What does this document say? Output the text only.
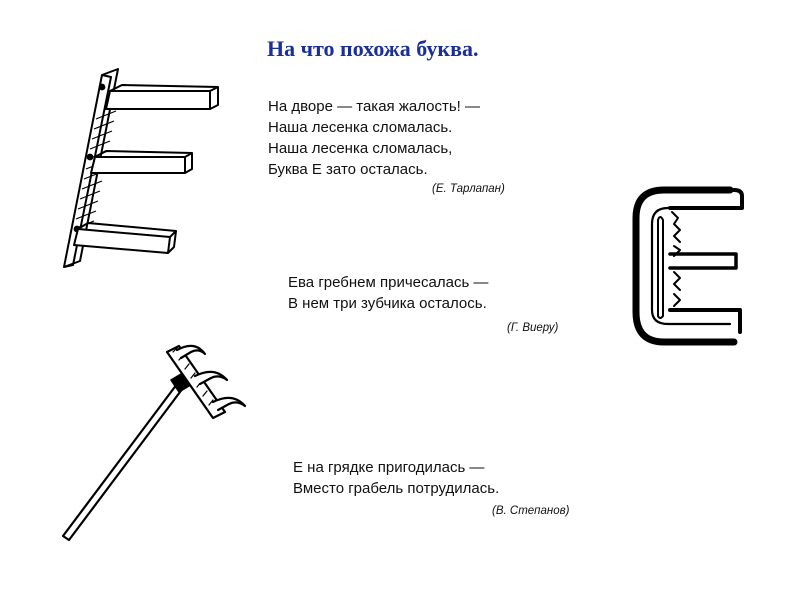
На что похожа буква.
На дворе — такая жалость! —
Наша лесенка сломалась.
Наша лесенка сломалась,
Буква Е зато осталась.
(Е. Тарлапан)
Ева гребнем причесалась —
В нем три зубчика осталось.
(Г. Виеру)
Е на грядке пригодилась —
Вместо грабель потрудилась.
(В. Степанов)
